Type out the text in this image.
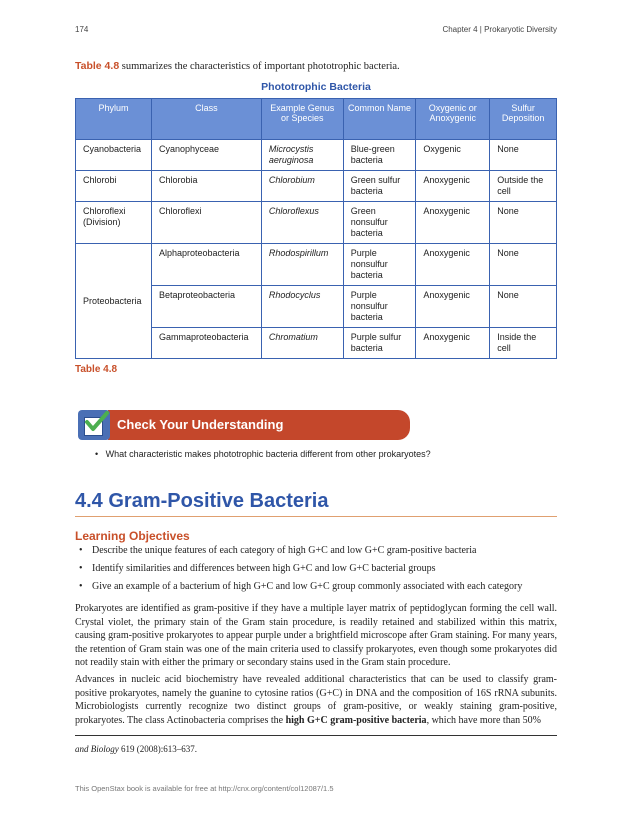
174	Chapter 4 | Prokaryotic Diversity
Table 4.8 summarizes the characteristics of important phototrophic bacteria.
Phototrophic Bacteria
Phylum	Class	Example Genus or Species	Common Name	Oxygenic or Anoxygenic	Sulfur Deposition
Cyanobacteria	Cyanophyceae	Microcystis aeruginosa	Blue-green bacteria	Oxygenic	None
Chlorobi	Chlorobia	Chlorobium	Green sulfur bacteria	Anoxygenic	Outside the cell
Chloroflexi (Division)	Chloroflexi	Chloroflexus	Green nonsulfur bacteria	Anoxygenic	None
Proteobacteria	Alphaproteobacteria	Rhodospirillum	Purple nonsulfur bacteria	Anoxygenic	None
	Betaproteobacteria	Rhodocyclus	Purple nonsulfur bacteria	Anoxygenic	None
	Gammaproteobacteria	Chromatium	Purple sulfur bacteria	Anoxygenic	Inside the cell
Table 4.8
Check Your Understanding
•   What characteristic makes phototrophic bacteria different from other prokaryotes?
4.4 Gram-Positive Bacteria
Learning Objectives
• Describe the unique features of each category of high G+C and low G+C gram-positive bacteria
• Identify similarities and differences between high G+C and low G+C bacterial groups
• Give an example of a bacterium of high G+C and low G+C group commonly associated with each category

Prokaryotes are identified as gram-positive if they have a multiple layer matrix of peptidoglycan forming the cell wall. Crystal violet, the primary stain of the Gram stain procedure, is readily retained and stabilized within this matrix, causing gram-positive prokaryotes to appear purple under a brightfield microscope after Gram staining. For many years, the retention of Gram stain was one of the main criteria used to classify prokaryotes, even though some prokaryotes did not readily stain with either the primary or secondary stains used in the Gram stain procedure.

Advances in nucleic acid biochemistry have revealed additional characteristics that can be used to classify gram-positive prokaryotes, namely the guanine to cytosine ratios (G+C) in DNA and the composition of 16S rRNA subunits. Microbiologists currently recognize two distinct groups of gram-positive, or weakly staining gram-positive, prokaryotes. The class Actinobacteria comprises the high G+C gram-positive bacteria, which have more than 50%

and Biology 619 (2008):613–637.
This OpenStax book is available for free at http://cnx.org/content/col12087/1.5
